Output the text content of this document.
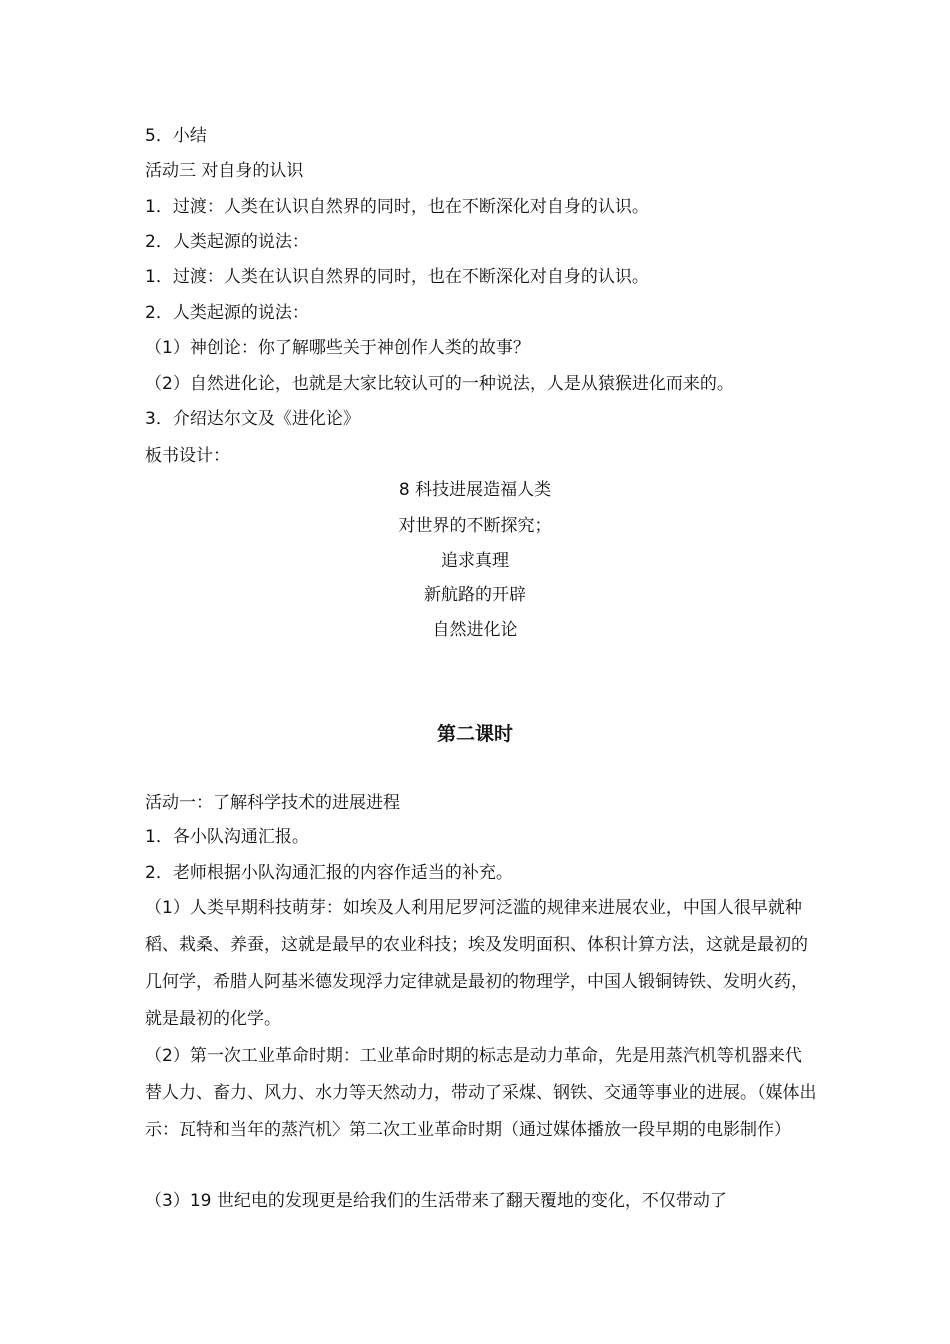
5．小结
活动三 对自身的认识
1．过渡：人类在认识自然界的同时，也在不断深化对自身的认识。
2．人类起源的说法：
1．过渡：人类在认识自然界的同时，也在不断深化对自身的认识。
2．人类起源的说法：
（1）神创论：你了解哪些关于神创作人类的故事？
（2）自然进化论，也就是大家比较认可的一种说法，人是从猿猴进化而来的。
3．介绍达尔文及《进化论》
板书设计：
8 科技进展造福人类
对世界的不断探究；
追求真理
新航路的开辟
自然进化论
第二课时
活动一：了解科学技术的进展进程
1．各小队沟通汇报。
2．老师根据小队沟通汇报的内容作适当的补充。
（1）人类早期科技萌芽：如埃及人利用尼罗河泛滥的规律来进展农业，中国人很早就种稻、栽桑、养蚕，这就是最早的农业科技；埃及发明面积、体积计算方法，这就是最初的几何学，希腊人阿基米德发现浮力定律就是最初的物理学，中国人锻铜铸铁、发明火药，就是最初的化学。
（2）第一次工业革命时期：工业革命时期的标志是动力革命，先是用蒸汽机等机器来代替人力、畜力、风力、水力等天然动力，带动了采煤、钢铁、交通等事业的进展。（媒体出示：瓦特和当年的蒸汽机〉第二次工业革命时期（通过媒体播放一段早期的电影制作）
（3）19 世纪电的发现更是给我们的生活带来了翻天覆地的变化，不仅带动了
